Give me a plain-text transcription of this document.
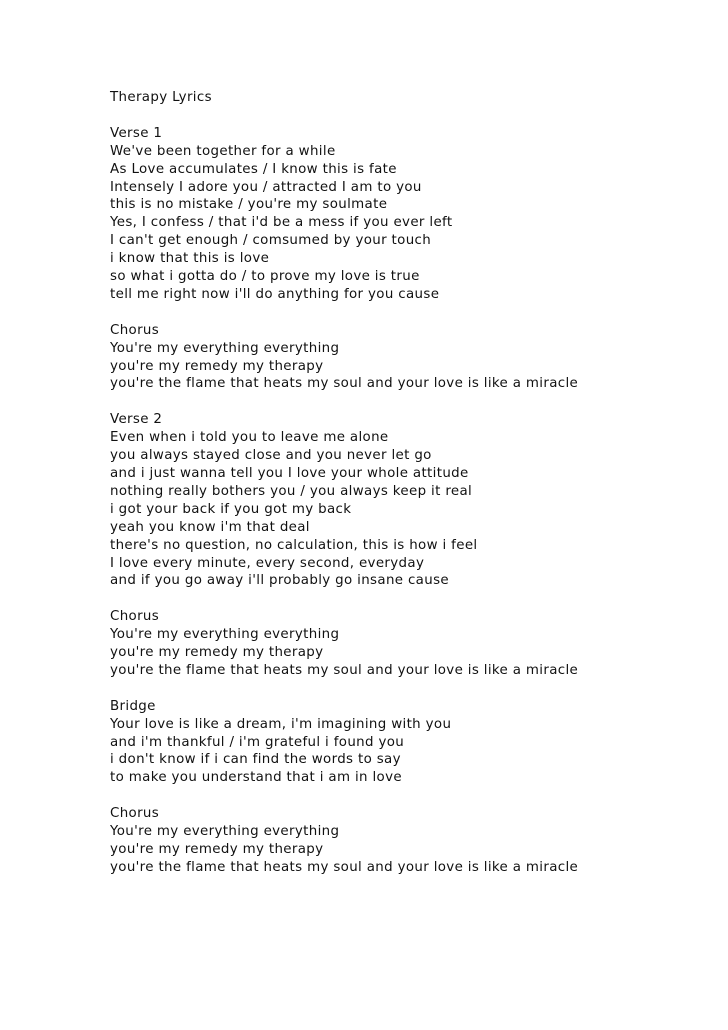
Therapy Lyrics
Verse 1
We've been together for a while
As Love accumulates / I know this is fate
Intensely I adore you / attracted I am to you
this is no mistake / you're my soulmate
Yes, I confess / that i'd be a mess if you ever left
I can't get enough / comsumed by your touch
i know that this is love
so what i gotta do / to prove my love is true
tell me right now i'll do anything for you cause
Chorus
You're my everything everything
you're my remedy my therapy
you're the flame that heats my soul and your love is like a miracle
Verse 2
Even when i told you to leave me alone
you always stayed close and you never let go
and i just wanna tell you I love your whole attitude
nothing really bothers you / you always keep it real
i got your back if you got my back
yeah you know i'm that deal
there's no question, no calculation, this is how i feel
I love every minute, every second, everyday
and if you go away i'll probably go insane cause
Chorus
You're my everything everything
you're my remedy my therapy
you're the flame that heats my soul and your love is like a miracle
Bridge
Your love is like a dream, i'm imagining with you
and i'm thankful / i'm grateful i found you
i don't know if i can find the words to say
to make you understand that i am in love
Chorus
You're my everything everything
you're my remedy my therapy
you're the flame that heats my soul and your love is like a miracle
